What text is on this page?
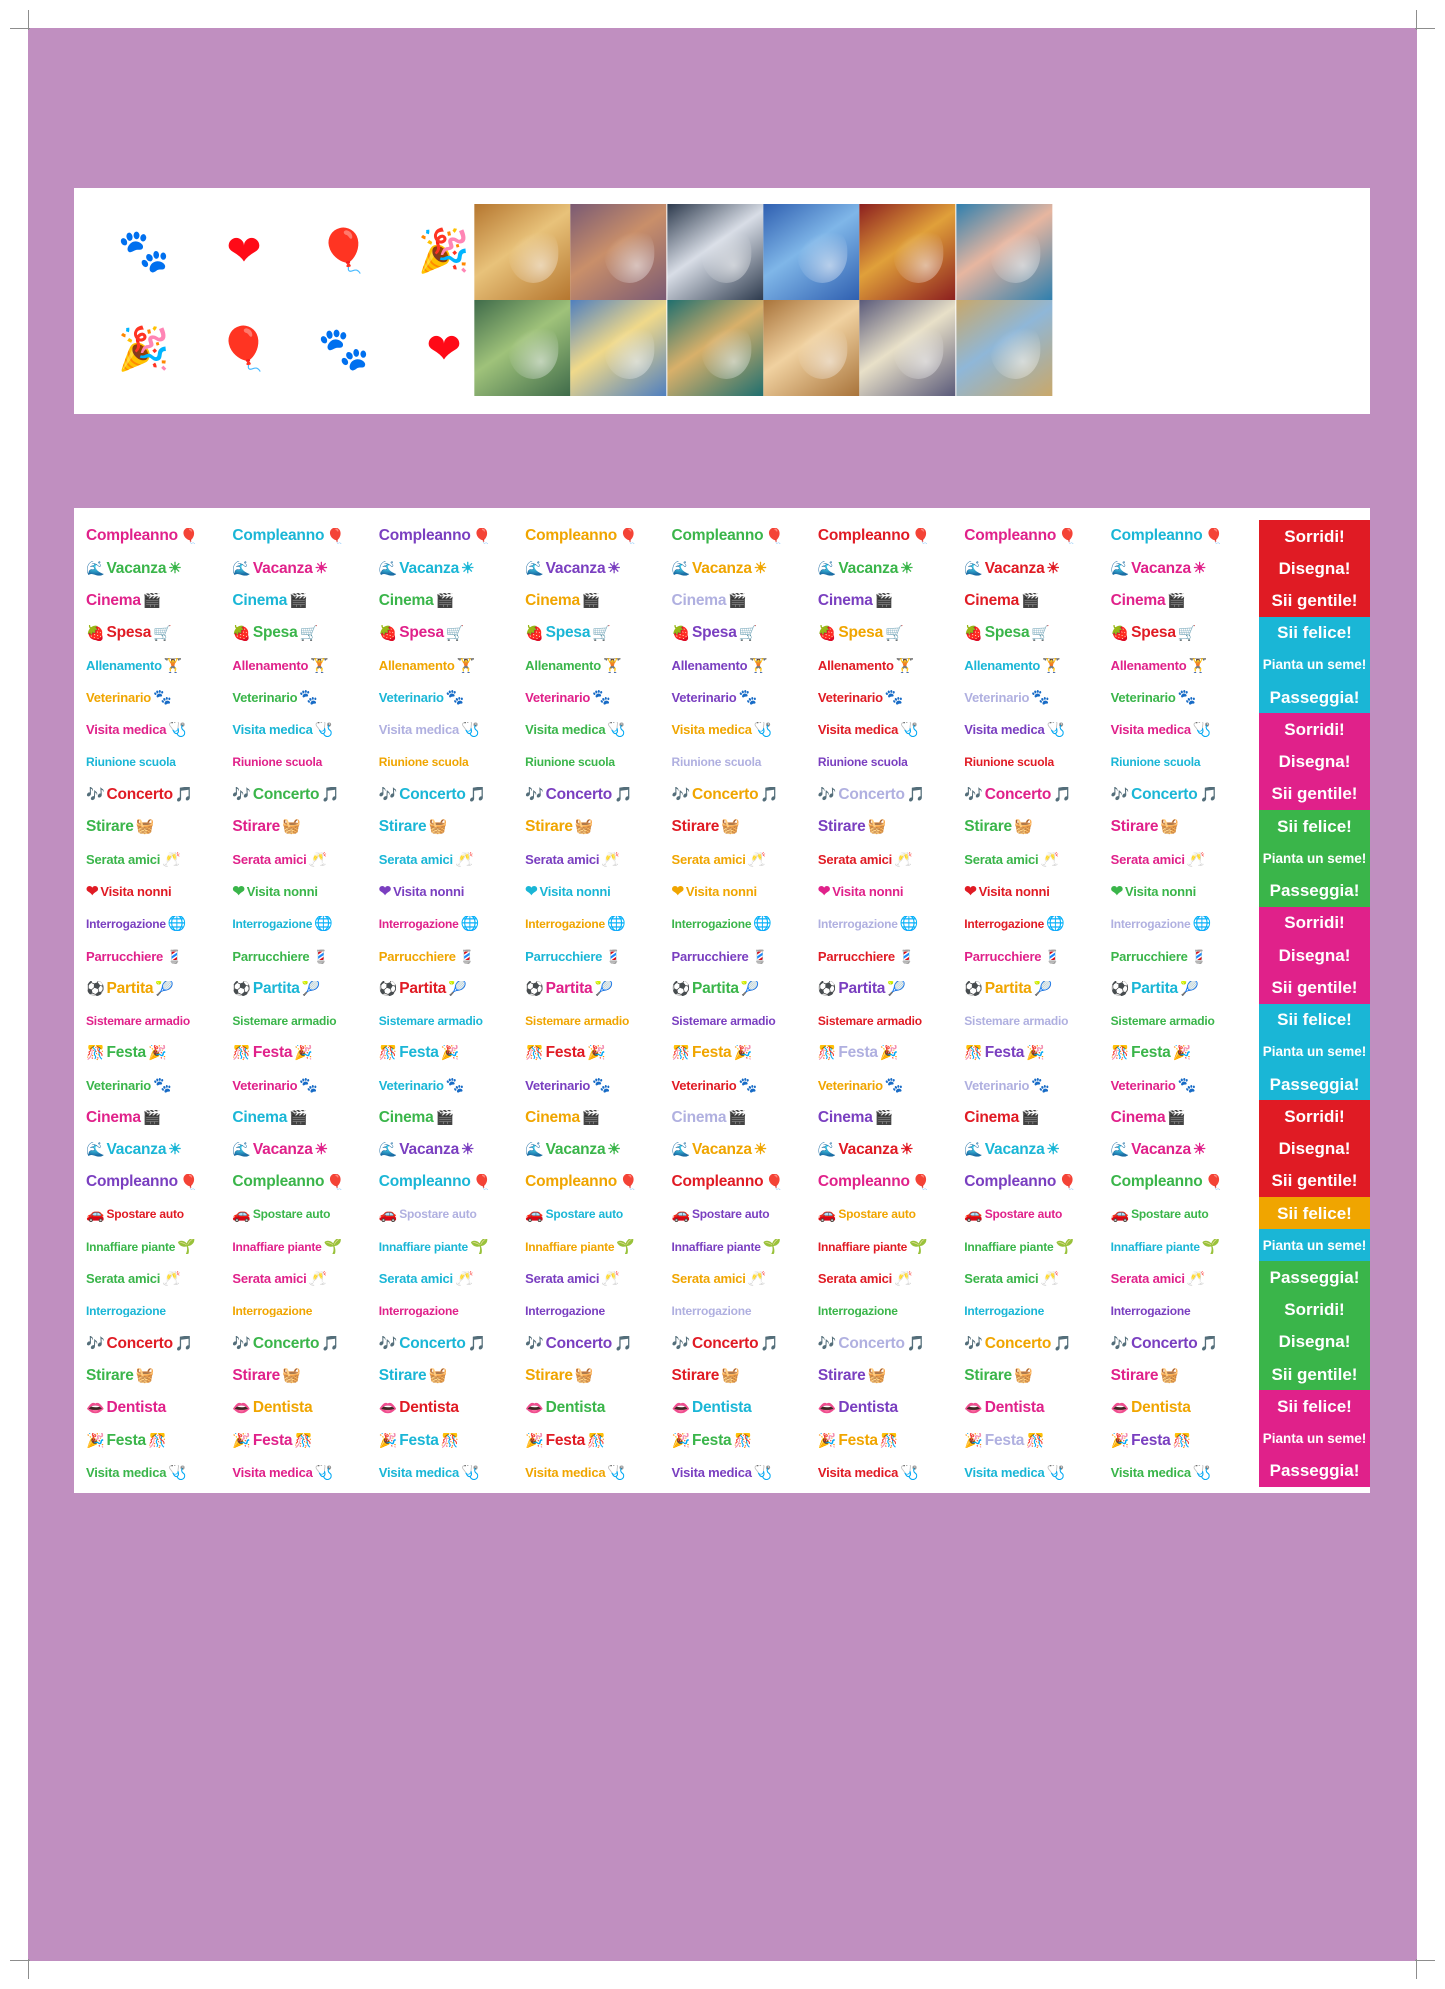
🐾 ❤ 🎈 🎉
🎉 🎈 🐾 ❤
Compleanno 🎈 Compleanno 🎈 Compleanno 🎈 Compleanno 🎈 Compleanno 🎈 Compleanno 🎈 Compleanno 🎈 Compleanno 🎈
🌊 Vacanza ☀	🌊 Vacanza ☀	🌊 Vacanza ☀	🌊 Vacanza ☀	🌊 Vacanza ☀	🌊 Vacanza ☀	🌊 Vacanza ☀	🌊 Vacanza ☀
Cinema 🎬	Cinema 🎬	Cinema 🎬	Cinema 🎬	Cinema 🎬	Cinema 🎬	Cinema 🎬	Cinema 🎬
🍓 Spesa 🛒	🍓 Spesa 🛒	🍓 Spesa 🛒	🍓 Spesa 🛒	🍓 Spesa 🛒	🍓 Spesa 🛒	🍓 Spesa 🛒	🍓 Spesa 🛒
Allenamento 🏋	Allenamento 🏋	Allenamento 🏋	Allenamento 🏋	Allenamento 🏋	Allenamento 🏋	Allenamento 🏋	Allenamento 🏋
Veterinario 🐾	Veterinario 🐾	Veterinario 🐾	Veterinario 🐾	Veterinario 🐾	Veterinario 🐾	Veterinario 🐾	Veterinario 🐾
Visita medica 🩺	Visita medica 🩺	Visita medica 🩺	Visita medica 🩺	Visita medica 🩺	Visita medica 🩺	Visita medica 🩺	Visita medica 🩺
Riunione scuola	Riunione scuola	Riunione scuola	Riunione scuola	Riunione scuola	Riunione scuola	Riunione scuola	Riunione scuola
🎶 Concerto 🎵	🎶 Concerto 🎵	🎶 Concerto 🎵	🎶 Concerto 🎵	🎶 Concerto 🎵	🎶 Concerto 🎵	🎶 Concerto 🎵	🎶 Concerto 🎵
Stirare 🧺	Stirare 🧺	Stirare 🧺	Stirare 🧺	Stirare 🧺	Stirare 🧺	Stirare 🧺	Stirare 🧺
Serata amici 🥂	Serata amici 🥂	Serata amici 🥂	Serata amici 🥂	Serata amici 🥂	Serata amici 🥂	Serata amici 🥂	Serata amici 🥂
❤ Visita nonni	❤ Visita nonni	❤ Visita nonni	❤ Visita nonni	❤ Visita nonni	❤ Visita nonni	❤ Visita nonni	❤ Visita nonni
Interrogazione 🌐	Interrogazione 🌐	Interrogazione 🌐	Interrogazione 🌐	Interrogazione 🌐	Interrogazione 🌐	Interrogazione 🌐	Interrogazione 🌐
Parrucchiere 💈	Parrucchiere 💈	Parrucchiere 💈	Parrucchiere 💈	Parrucchiere 💈	Parrucchiere 💈	Parrucchiere 💈	Parrucchiere 💈
⚽ Partita 🎾	⚽ Partita 🎾	⚽ Partita 🎾	⚽ Partita 🎾	⚽ Partita 🎾	⚽ Partita 🎾	⚽ Partita 🎾	⚽ Partita 🎾
Sistemare armadio	Sistemare armadio	Sistemare armadio	Sistemare armadio	Sistemare armadio	Sistemare armadio	Sistemare armadio	Sistemare armadio
🎊 Festa 🎉	🎊 Festa 🎉	🎊 Festa 🎉	🎊 Festa 🎉	🎊 Festa 🎉	🎊 Festa 🎉	🎊 Festa 🎉	🎊 Festa 🎉
Veterinario 🐾	Veterinario 🐾	Veterinario 🐾	Veterinario 🐾	Veterinario 🐾	Veterinario 🐾	Veterinario 🐾	Veterinario 🐾
Cinema 🎬	Cinema 🎬	Cinema 🎬	Cinema 🎬	Cinema 🎬	Cinema 🎬	Cinema 🎬	Cinema 🎬
🌊 Vacanza ☀	🌊 Vacanza ☀	🌊 Vacanza ☀	🌊 Vacanza ☀	🌊 Vacanza ☀	🌊 Vacanza ☀	🌊 Vacanza ☀	🌊 Vacanza ☀
Compleanno 🎈 Compleanno 🎈 Compleanno 🎈 Compleanno 🎈 Compleanno 🎈 Compleanno 🎈 Compleanno 🎈 Compleanno 🎈
🚗 Spostare auto	🚗 Spostare auto	🚗 Spostare auto	🚗 Spostare auto	🚗 Spostare auto	🚗 Spostare auto	🚗 Spostare auto	🚗 Spostare auto
Innaffiare piante 🌱	Innaffiare piante 🌱	Innaffiare piante 🌱	Innaffiare piante 🌱	Innaffiare piante 🌱	Innaffiare piante 🌱	Innaffiare piante 🌱	Innaffiare piante 🌱
Serata amici 🥂	Serata amici 🥂	Serata amici 🥂	Serata amici 🥂	Serata amici 🥂	Serata amici 🥂	Serata amici 🥂	Serata amici 🥂
Interrogazione	Interrogazione	Interrogazione	Interrogazione	Interrogazione	Interrogazione	Interrogazione	Interrogazione
🎶 Concerto 🎵	🎶 Concerto 🎵	🎶 Concerto 🎵	🎶 Concerto 🎵	🎶 Concerto 🎵	🎶 Concerto 🎵	🎶 Concerto 🎵	🎶 Concerto 🎵
Stirare 🧺	Stirare 🧺	Stirare 🧺	Stirare 🧺	Stirare 🧺	Stirare 🧺	Stirare 🧺	Stirare 🧺
👄 Dentista	👄 Dentista	👄 Dentista	👄 Dentista	👄 Dentista	👄 Dentista	👄 Dentista	👄 Dentista
🎉 Festa 🎊	🎉 Festa 🎊	🎉 Festa 🎊	🎉 Festa 🎊	🎉 Festa 🎊	🎉 Festa 🎊	🎉 Festa 🎊	🎉 Festa 🎊
Visita medica 🩺	Visita medica 🩺	Visita medica 🩺	Visita medica 🩺	Visita medica 🩺	Visita medica 🩺	Visita medica 🩺	Visita medica 🩺
Sorridi!
Disegna!
Sii gentile!
Sii felice!
Pianta un seme!
Passeggia!
Sorridi!
Disegna!
Sii gentile!
Sii felice!
Pianta un seme!
Passeggia!
Sorridi!
Disegna!
Sii gentile!
Sii felice!
Pianta un seme!
Passeggia!
Sorridi!
Disegna!
Sii gentile!
Sii felice!
Pianta un seme!
Passeggia!
Sorridi!
Disegna!
Sii gentile!
Sii felice!
Pianta un seme!
Passeggia!
